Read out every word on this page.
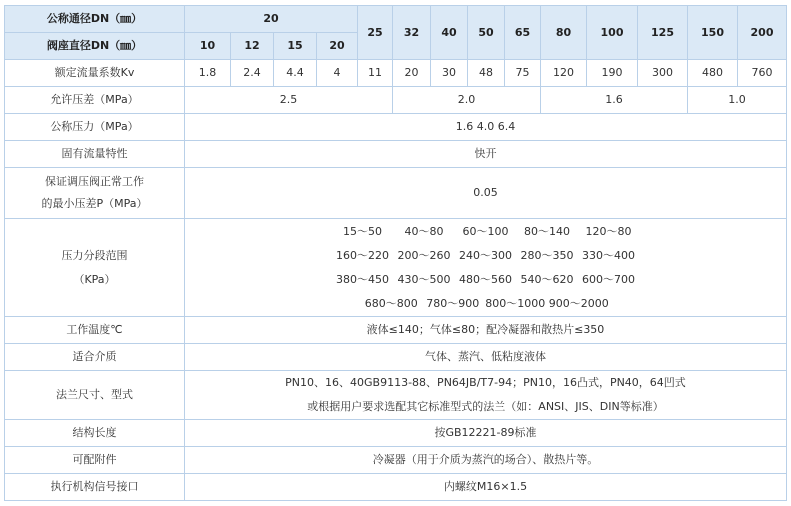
公称通径DN（㎜）	20				25	32	40	50	65	80	100	125	150	200
阀座直径DN（㎜）	10	12	15	20										
额定流量系数Kv	1.8	2.4	4.4	4	11	20	30	48	75	120	190	300	480	760
允许压差（MPa）	2.5					2.0				1.6			1.0	
公称压力（MPa）	1.6 4.0 6.4													
固有流量特性	快开													

保证调压阀正常工作
的最小压差P（MPa）	0.05													

压力分段范围
（KPa）	15～50 40～80 60～100 80～140 120～80
160～220 200～260 240～300 280～350 330～400
380～450 430～500 480～560 540～620 600～700
680～800 780～900 800～1000 900～2000													

工作温度℃	液体≤140；气体≤80；配冷凝器和散热片≤350													
适合介质	气体、蒸汽、低粘度液体													
法兰尺寸、型式	PN10、16、40GB9113-88、PN64JB/T7-94；PN10，16凸式，PN40，64凹式
或根据用户要求选配其它标准型式的法兰（如：ANSI、JIS、DIN等标准）													

结构长度	按GB12221-89标准													
可配附件	冷凝器（用于介质为蒸汽的场合）、散热片等。													
执行机构信号接口	内螺纹M16×1.5													
